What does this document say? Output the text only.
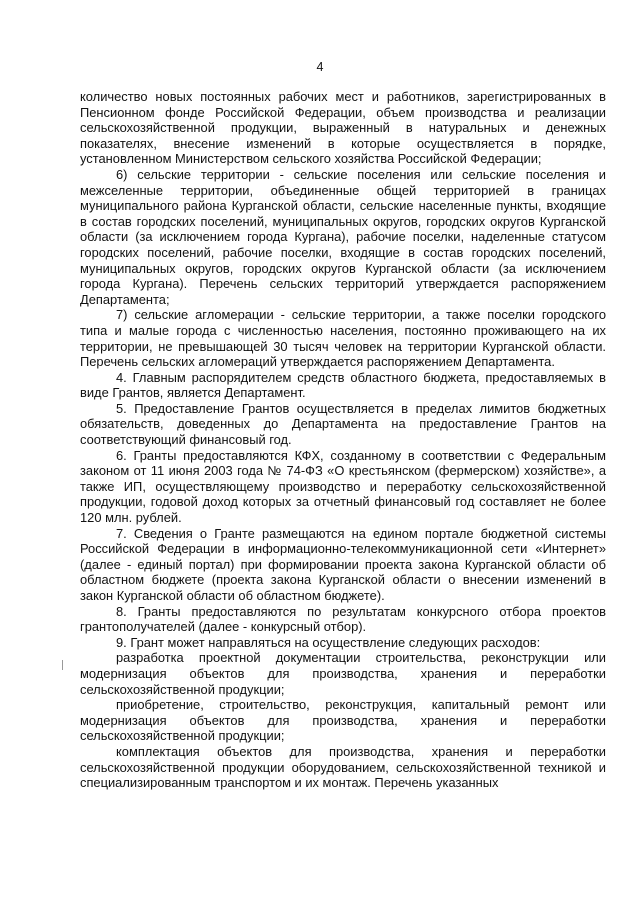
4

количество новых постоянных рабочих мест и работников, зарегистрированных в Пенсионном фонде Российской Федерации, объем производства и реализации сельскохозяйственной продукции, выраженный в натуральных и денежных показателях, внесение изменений в которые осуществляется в порядке, установленном Министерством сельского хозяйства Российской Федерации;

6) сельские территории - сельские поселения или сельские поселения и межселенные территории, объединенные общей территорией в границах муниципального района Курганской области, сельские населенные пункты, входящие в состав городских поселений, муниципальных округов, городских округов Курганской области (за исключением города Кургана), рабочие поселки, наделенные статусом городских поселений, рабочие поселки, входящие в состав городских поселений, муниципальных округов, городских округов Курганской области (за исключением города Кургана). Перечень сельских территорий утверждается распоряжением Департамента;

7) сельские агломерации - сельские территории, а также поселки городского типа и малые города с численностью населения, постоянно проживающего на их территории, не превышающей 30 тысяч человек на территории Курганской области. Перечень сельских агломераций утверждается распоряжением Департамента.

4. Главным распорядителем средств областного бюджета, предоставляемых в виде Грантов, является Департамент.

5. Предоставление Грантов осуществляется в пределах лимитов бюджетных обязательств, доведенных до Департамента на предоставление Грантов на соответствующий финансовый год.

6. Гранты предоставляются КФХ, созданному в соответствии с Федеральным законом от 11 июня 2003 года № 74-ФЗ «О крестьянском (фермерском) хозяйстве», а также ИП, осуществляющему производство и переработку сельскохозяйственной продукции, годовой доход которых за отчетный финансовый год составляет не более 120 млн. рублей.

7. Сведения о Гранте размещаются на едином портале бюджетной системы Российской Федерации в информационно-телекоммуникационной сети «Интернет» (далее - единый портал) при формировании проекта закона Курганской области об областном бюджете (проекта закона Курганской области о внесении изменений в закон Курганской области об областном бюджете).

8. Гранты предоставляются по результатам конкурсного отбора проектов грантополучателей (далее - конкурсный отбор).

9. Грант может направляться на осуществление следующих расходов:

разработка проектной документации строительства, реконструкции или модернизация объектов для производства, хранения и переработки сельскохозяйственной продукции;

приобретение, строительство, реконструкция, капитальный ремонт или модернизация объектов для производства, хранения и переработки сельскохозяйственной продукции;

комплектация объектов для производства, хранения и переработки сельскохозяйственной продукции оборудованием, сельскохозяйственной техникой и специализированным транспортом и их монтаж. Перечень указанных
